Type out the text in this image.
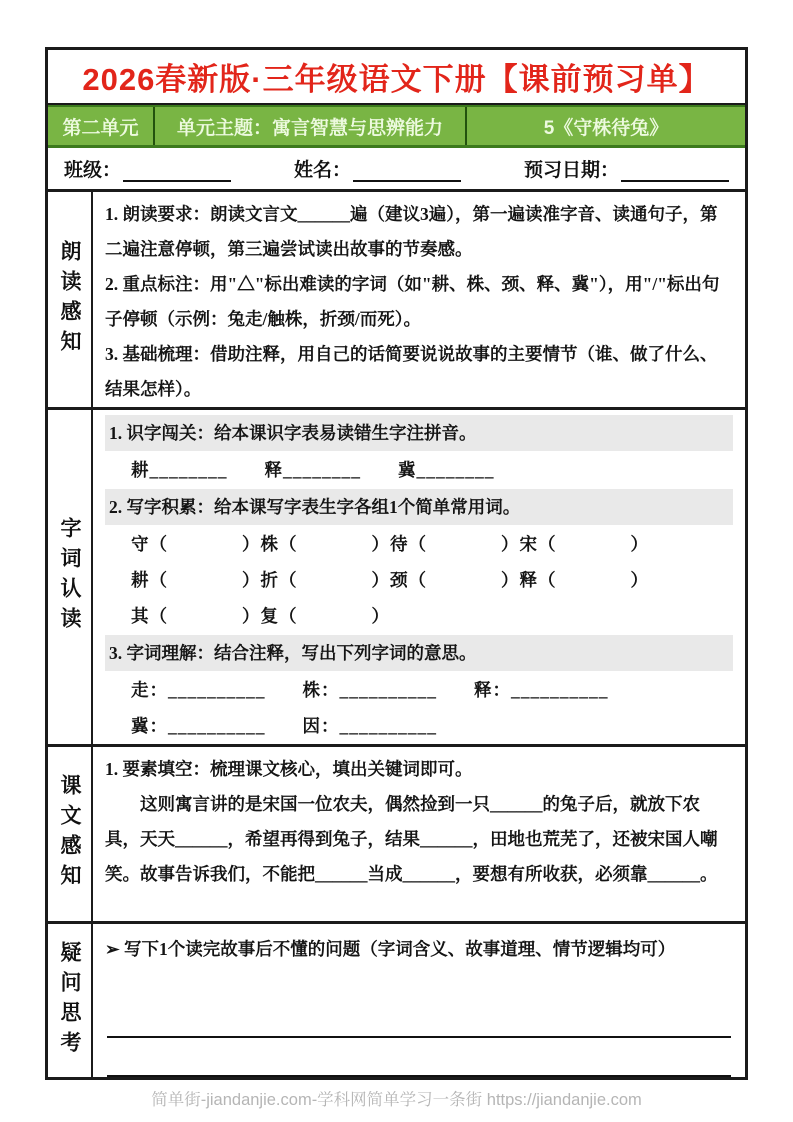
2026春新版·三年级语文下册【课前预习单】
第二单元	单元主题：寓言智慧与思辨能力	5《守株待兔》
班级：	姓名：	预习日期：
朗读感知
1. 朗读要求：朗读文言文______遍（建议3遍），第一遍读准字音、读通句子，第二遍注意停顿，第三遍尝试读出故事的节奏感。
2. 重点标注：用"△"标出难读的字词（如"耕、株、颈、释、冀"），用"/"标出句子停顿（示例：兔走/触株，折颈/而死）。
3. 基础梳理：借助注释，用自己的话简要说说故事的主要情节（谁、做了什么、结果怎样）。
字词认读
1. 识字闯关：给本课识字表易读错生字注拼音。
耕________　　释________　　冀________
2. 写字积累：给本课写字表生字各组1个简单常用词。
守（　　　　）株（　　　　）待（　　　　）宋（　　　　）
耕（　　　　）折（　　　　）颈（　　　　）释（　　　　）
其（　　　　）复（　　　　）
3. 字词理解：结合注释，写出下列字词的意思。
走：__________　　株：__________　　释：__________
冀：__________　　因：__________
课文感知
1. 要素填空：梳理课文核心，填出关键词即可。
这则寓言讲的是宋国一位农夫，偶然捡到一只______的兔子后，就放下农具，天天______，希望再得到兔子，结果______，田地也荒芜了，还被宋国人嘲笑。故事告诉我们，不能把______当成______，要想有所收获，必须靠______。
疑问思考 ➢ 写下1个读完故事后不懂的问题（字词含义、故事道理、情节逻辑均可）
简单街-jiandanjie.com-学科网简单学习一条街 https://jiandanjie.com
